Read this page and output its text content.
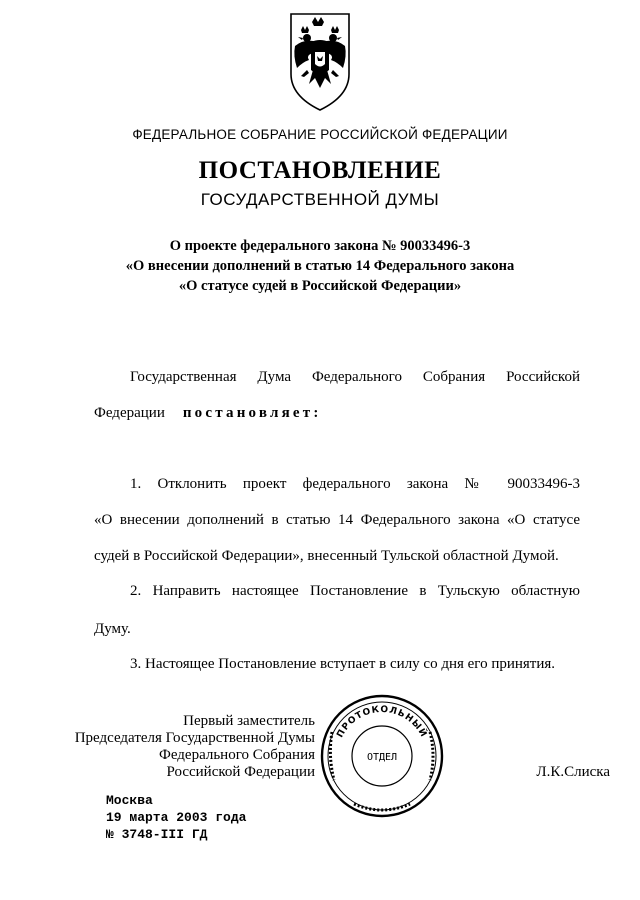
ФЕДЕРАЛЬНОЕ СОБРАНИЕ РОССИЙСКОЙ ФЕДЕРАЦИИ
ПОСТАНОВЛЕНИЕ
ГОСУДАРСТВЕННОЙ ДУМЫ
О проекте федерального закона № 90033496-3
«О внесении дополнений в статью 14 Федерального закона
«О статусе судей в Российской Федерации»
Государственная Дума Федерального Собрания Российской
Федерации постановляет:
1. Отклонить проект федерального закона № 90033496-3
«О внесении дополнений в статью 14 Федерального закона «О статусе
судей в Российской Федерации», внесенный Тульской областной Думой.
2. Направить настоящее Постановление в Тульскую областную
Думу.
3. Настоящее Постановление вступает в силу со дня его принятия.
Первый заместитель
Председателя Государственной Думы
Федерального Собрания
Российской Федерации
ПРОТОКОЛЬНЫЙ
ОТДЕЛ
Л.К.Слиска
Москва
19 марта 2003 года
№ 3748-III ГД
